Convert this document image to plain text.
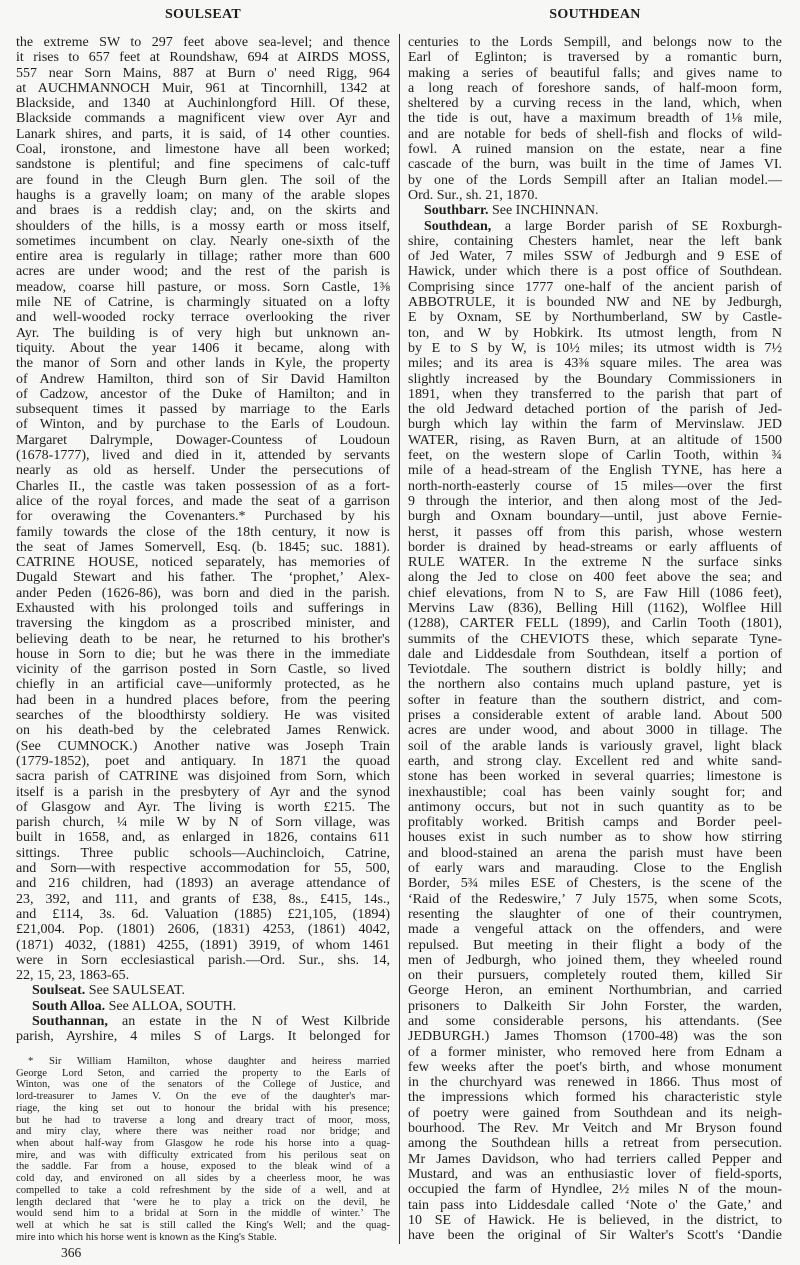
SOULSEAT	SOUTHDEAN
the extreme SW to 297 feet above sea-level; and thence
it rises to 657 feet at Roundshaw, 694 at AIRDS MOSS,
557 near Sorn Mains, 887 at Burn o' need Rigg, 964
at AUCHMANNOCH Muir, 961 at Tincornhill, 1342 at
Blackside, and 1340 at Auchinlongford Hill. Of these,
Blackside commands a magnificent view over Ayr and
Lanark shires, and parts, it is said, of 14 other counties.
Coal, ironstone, and limestone have all been worked;
sandstone is plentiful; and fine specimens of calc-tuff
are found in the Cleugh Burn glen. The soil of the
haughs is a gravelly loam; on many of the arable slopes
and braes is a reddish clay; and, on the skirts and
shoulders of the hills, is a mossy earth or moss itself,
sometimes incumbent on clay. Nearly one-sixth of the
entire area is regularly in tillage; rather more than 600
acres are under wood; and the rest of the parish is
meadow, coarse hill pasture, or moss. Sorn Castle, 1⅜
mile NE of Catrine, is charmingly situated on a lofty
and well-wooded rocky terrace overlooking the river
Ayr. The building is of very high but unknown an-
tiquity. About the year 1406 it became, along with
the manor of Sorn and other lands in Kyle, the property
of Andrew Hamilton, third son of Sir David Hamilton
of Cadzow, ancestor of the Duke of Hamilton; and in
subsequent times it passed by marriage to the Earls
of Winton, and by purchase to the Earls of Loudoun.
Margaret Dalrymple, Dowager-Countess of Loudoun
(1678-1777), lived and died in it, attended by servants
nearly as old as herself. Under the persecutions of
Charles II., the castle was taken possession of as a fort-
alice of the royal forces, and made the seat of a garrison
for overawing the Covenanters.* Purchased by his
family towards the close of the 18th century, it now is
the seat of James Somervell, Esq. (b. 1845; suc. 1881).
CATRINE HOUSE, noticed separately, has memories of
Dugald Stewart and his father. The ‘prophet,’ Alex-
ander Peden (1626-86), was born and died in the parish.
Exhausted with his prolonged toils and sufferings in
traversing the kingdom as a proscribed minister, and
believing death to be near, he returned to his brother's
house in Sorn to die; but he was there in the immediate
vicinity of the garrison posted in Sorn Castle, so lived
chiefly in an artificial cave—uniformly protected, as he
had been in a hundred places before, from the peering
searches of the bloodthirsty soldiery. He was visited
on his death-bed by the celebrated James Renwick.
(See CUMNOCK.) Another native was Joseph Train
(1779-1852), poet and antiquary. In 1871 the quoad
sacra parish of CATRINE was disjoined from Sorn, which
itself is a parish in the presbytery of Ayr and the synod
of Glasgow and Ayr. The living is worth £215. The
parish church, ¼ mile W by N of Sorn village, was
built in 1658, and, as enlarged in 1826, contains 611
sittings. Three public schools—Auchincloich, Catrine,
and Sorn—with respective accommodation for 55, 500,
and 216 children, had (1893) an average attendance of
23, 392, and 111, and grants of £38, 8s., £415, 14s.,
and £114, 3s. 6d. Valuation (1885) £21,105, (1894)
£21,004. Pop. (1801) 2606, (1831) 4253, (1861) 4042,
(1871) 4032, (1881) 4255, (1891) 3919, of whom 1461
were in Sorn ecclesiastical parish.—Ord. Sur., shs. 14,
22, 15, 23, 1863-65.
Soulseat. See SAULSEAT.
South Alloa. See ALLOA, SOUTH.
Southannan, an estate in the N of West Kilbride
parish, Ayrshire, 4 miles S of Largs. It belonged for
centuries to the Lords Sempill, and belongs now to the
Earl of Eglinton; is traversed by a romantic burn,
making a series of beautiful falls; and gives name to
a long reach of foreshore sands, of half-moon form,
sheltered by a curving recess in the land, which, when
the tide is out, have a maximum breadth of 1⅛ mile,
and are notable for beds of shell-fish and flocks of wild-
fowl. A ruined mansion on the estate, near a fine
cascade of the burn, was built in the time of James VI.
by one of the Lords Sempill after an Italian model.—
Ord. Sur., sh. 21, 1870.
Southbarr. See INCHINNAN.
Southdean, a large Border parish of SE Roxburgh-
shire, containing Chesters hamlet, near the left bank
of Jed Water, 7 miles SSW of Jedburgh and 9 ESE of
Hawick, under which there is a post office of Southdean.
Comprising since 1777 one-half of the ancient parish of
ABBOTRULE, it is bounded NW and NE by Jedburgh,
E by Oxnam, SE by Northumberland, SW by Castle-
ton, and W by Hobkirk. Its utmost length, from N
by E to S by W, is 10½ miles; its utmost width is 7½
miles; and its area is 43⅜ square miles. The area was
slightly increased by the Boundary Commissioners in
1891, when they transferred to the parish that part of
the old Jedward detached portion of the parish of Jed-
burgh which lay within the farm of Mervinslaw. JED
WATER, rising, as Raven Burn, at an altitude of 1500
feet, on the western slope of Carlin Tooth, within ¾
mile of a head-stream of the English TYNE, has here a
north-north-easterly course of 15 miles—over the first
9 through the interior, and then along most of the Jed-
burgh and Oxnam boundary—until, just above Fernie-
herst, it passes off from this parish, whose western
border is drained by head-streams or early affluents of
RULE WATER. In the extreme N the surface sinks
along the Jed to close on 400 feet above the sea; and
chief elevations, from N to S, are Faw Hill (1086 feet),
Mervins Law (836), Belling Hill (1162), Wolflee Hill
(1288), CARTER FELL (1899), and Carlin Tooth (1801),
summits of the CHEVIOTS these, which separate Tyne-
dale and Liddesdale from Southdean, itself a portion of
Teviotdale. The southern district is boldly hilly; and
the northern also contains much upland pasture, yet is
softer in feature than the southern district, and com-
prises a considerable extent of arable land. About 500
acres are under wood, and about 3000 in tillage. The
soil of the arable lands is variously gravel, light black
earth, and strong clay. Excellent red and white sand-
stone has been worked in several quarries; limestone is
inexhaustible; coal has been vainly sought for; and
antimony occurs, but not in such quantity as to be
profitably worked. British camps and Border peel-
houses exist in such number as to show how stirring
and blood-stained an arena the parish must have been
of early wars and marauding. Close to the English
Border, 5¾ miles ESE of Chesters, is the scene of the
‘Raid of the Redeswire,’ 7 July 1575, when some Scots,
resenting the slaughter of one of their countrymen,
made a vengeful attack on the offenders, and were
repulsed. But meeting in their flight a body of the
men of Jedburgh, who joined them, they wheeled round
on their pursuers, completely routed them, killed Sir
George Heron, an eminent Northumbrian, and carried
prisoners to Dalkeith Sir John Forster, the warden,
and some considerable persons, his attendants. (See
JEDBURGH.) James Thomson (1700-48) was the son
of a former minister, who removed here from Ednam a
few weeks after the poet's birth, and whose monument
in the churchyard was renewed in 1866. Thus most of
the impressions which formed his characteristic style
of poetry were gained from Southdean and its neigh-
bourhood. The Rev. Mr Veitch and Mr Bryson found
among the Southdean hills a retreat from persecution.
Mr James Davidson, who had terriers called Pepper and
Mustard, and was an enthusiastic lover of field-sports,
occupied the farm of Hyndlee, 2½ miles N of the moun-
tain pass into Liddesdale called ‘Note o' the Gate,’ and
10 SE of Hawick. He is believed, in the district, to
have been the original of Sir Walter's Scott's ‘Dandie
* Sir William Hamilton, whose daughter and heiress married
George Lord Seton, and carried the property to the Earls of
Winton, was one of the senators of the College of Justice, and
lord-treasurer to James V. On the eve of the daughter's mar-
riage, the king set out to honour the bridal with his presence;
but he had to traverse a long and dreary tract of moor, moss,
and miry clay, where there was neither road nor bridge; and
when about half-way from Glasgow he rode his horse into a quag-
mire, and was with difficulty extricated from his perilous seat on
the saddle. Far from a house, exposed to the bleak wind of a
cold day, and environed on all sides by a cheerless moor, he was
compelled to take a cold refreshment by the side of a well, and at
length declared that ‘were he to play a trick on the devil, he
would send him to a bridal at Sorn in the middle of winter.’ The
well at which he sat is still called the King's Well; and the quag-
mire into which his horse went is known as the King's Stable.
366
